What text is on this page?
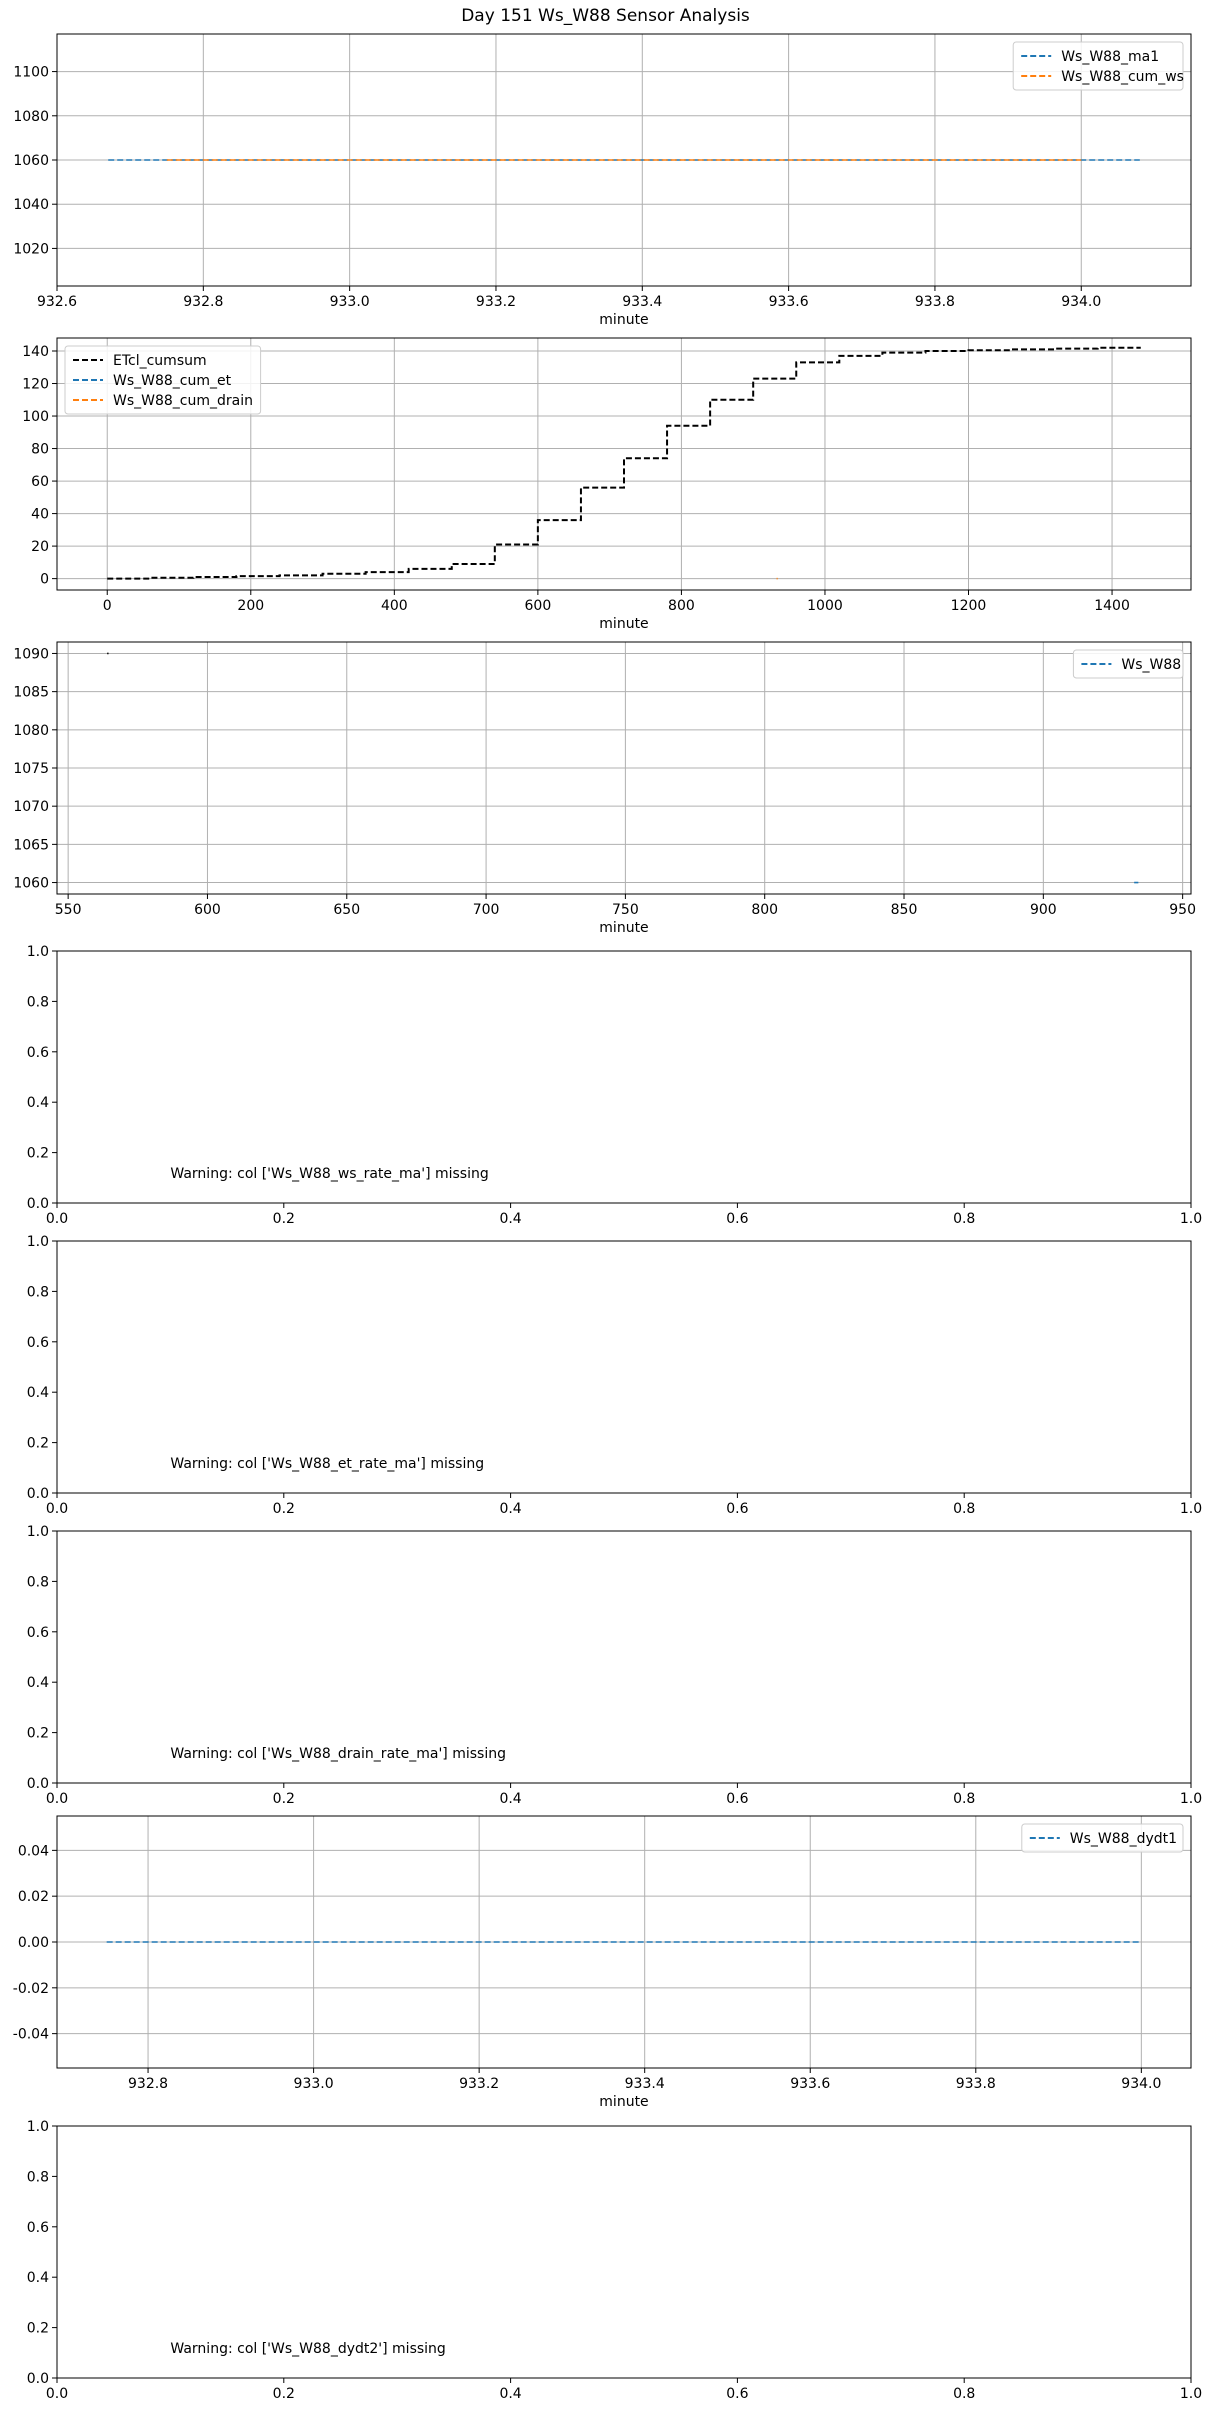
Day 151 Ws_W88 Sensor Analysis
932.6	932.8	933.0	933.2	933.4	933.6	933.8	934.0
1020
1040
1060
1080
1100
minute
Ws_W88_ma1
Ws_W88_cum_ws
0	200	400	600	800	1000	1200	1400
0
20
40
60
80
100
120
140
minute
ETcl_cumsum
Ws_W88_cum_et
Ws_W88_cum_drain
550	600	650	700	750	800	850	900	950
1060
1065
1070
1075
1080
1085
1090
minute
Ws_W88
0.0	0.2	0.4	0.6	0.8	1.0
0.0
0.2
0.4
0.6
0.8
1.0
Warning: col ['Ws_W88_ws_rate_ma'] missing
0.0	0.2	0.4	0.6	0.8	1.0
0.0
0.2
0.4
0.6
0.8
1.0
Warning: col ['Ws_W88_et_rate_ma'] missing
0.0	0.2	0.4	0.6	0.8	1.0
0.0
0.2
0.4
0.6
0.8
1.0
Warning: col ['Ws_W88_drain_rate_ma'] missing
932.8	933.0	933.2	933.4	933.6	933.8	934.0
-0.04
-0.02
0.00
0.02
0.04
minute
Ws_W88_dydt1
0.0	0.2	0.4	0.6	0.8	1.0
0.0
0.2
0.4
0.6
0.8
1.0
Warning: col ['Ws_W88_dydt2'] missing
